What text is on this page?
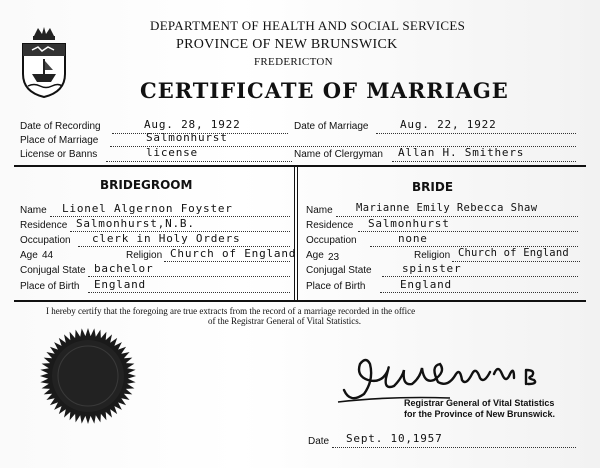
DEPARTMENT OF HEALTH AND SOCIAL SERVICES
PROVINCE OF NEW BRUNSWICK
FREDERICTON
CERTIFICATE OF MARRIAGE
Date of Recording	Aug. 28, 1922	Date of Marriage	Aug. 22, 1922
Place of Marriage	Salmonhurst
License or Banns	license	Name of Clergyman Allan H. Smithers
BRIDEGROOM	BRIDE
Name Lionel Algernon Foyster
Residence Salmonhurst,N.B.
Occupation clerk in Holy Orders
Age 44	Religion Church of England
Conjugal State bachelor
Place of Birth England
Name Marianne Emily Rebecca Shaw
Residence Salmonhurst
Occupation	none
Age 23	Religion Church of England
Conjugal State	spinster
Place of Birth	England
I hereby certify that the foregoing are true extracts from the record of a marriage recorded in the office
of the Registrar General of Vital Statistics.
Registrar General of Vital Statistics
for the Province of New Brunswick.
Date Sept. 10,1957
